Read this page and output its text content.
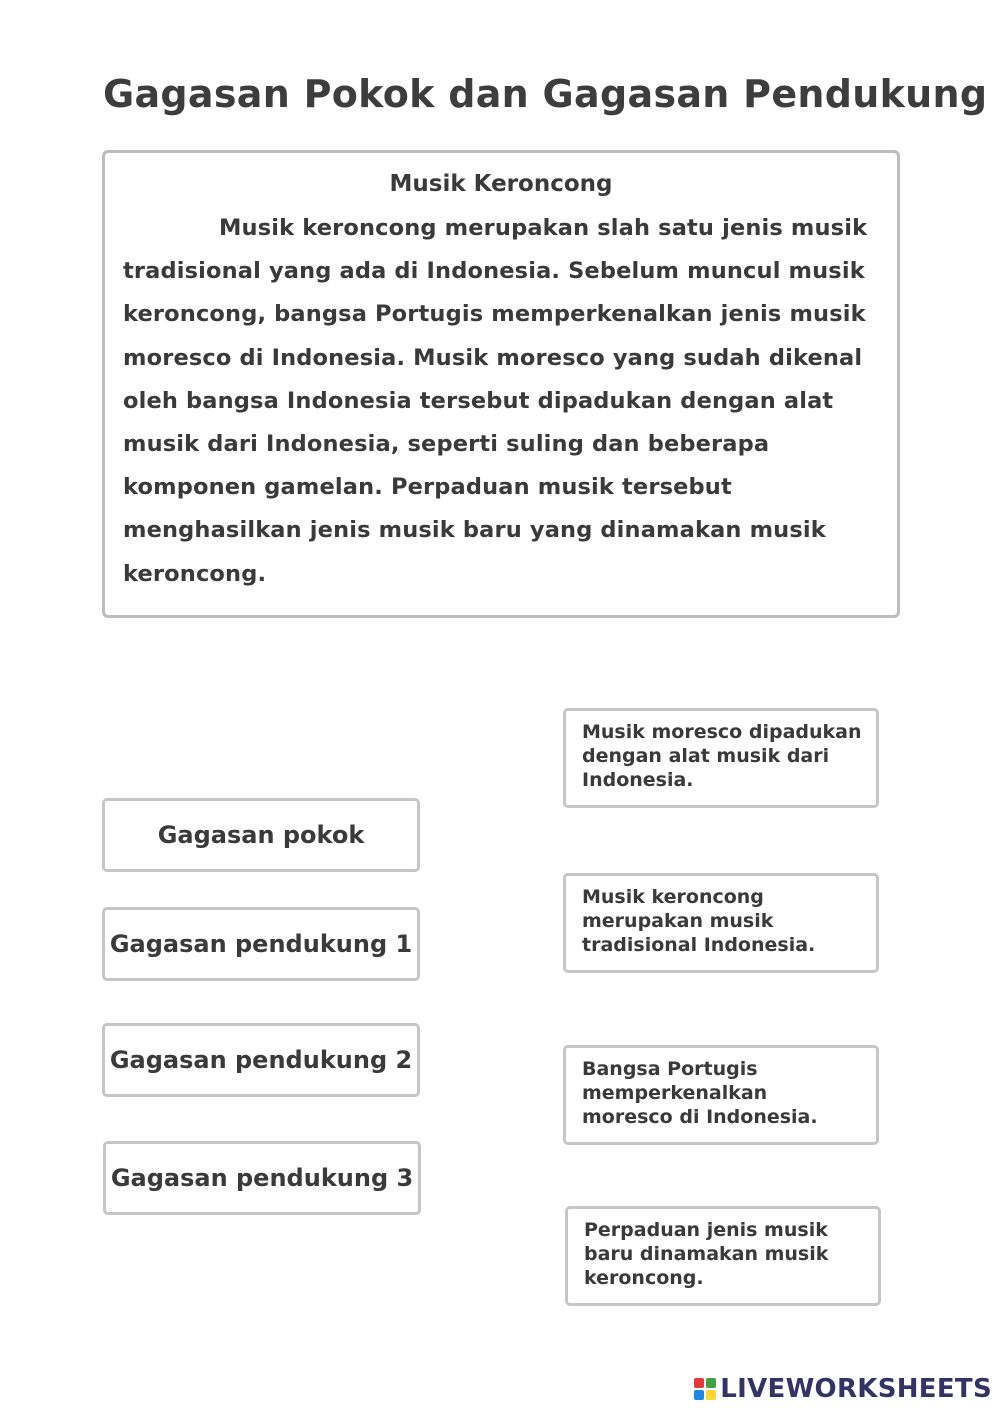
Gagasan Pokok dan Gagasan Pendukung
Musik Keroncong
Musik keroncong merupakan slah satu jenis musik tradisional yang ada di Indonesia. Sebelum muncul musik keroncong, bangsa Portugis memperkenalkan jenis musik moresco di Indonesia. Musik moresco yang sudah dikenal oleh bangsa Indonesia tersebut dipadukan dengan alat musik dari Indonesia, seperti suling dan beberapa komponen gamelan. Perpaduan musik tersebut menghasilkan jenis musik baru yang dinamakan musik keroncong.
Gagasan pokok
Gagasan pendukung 1
Gagasan pendukung 2
Gagasan pendukung 3
Musik moresco dipadukan dengan alat musik dari Indonesia.
Musik keroncong merupakan musik tradisional Indonesia.
Bangsa Portugis memperkenalkan moresco di Indonesia.
Perpaduan jenis musik baru dinamakan musik keroncong.
LIVEWORKSHEETS
